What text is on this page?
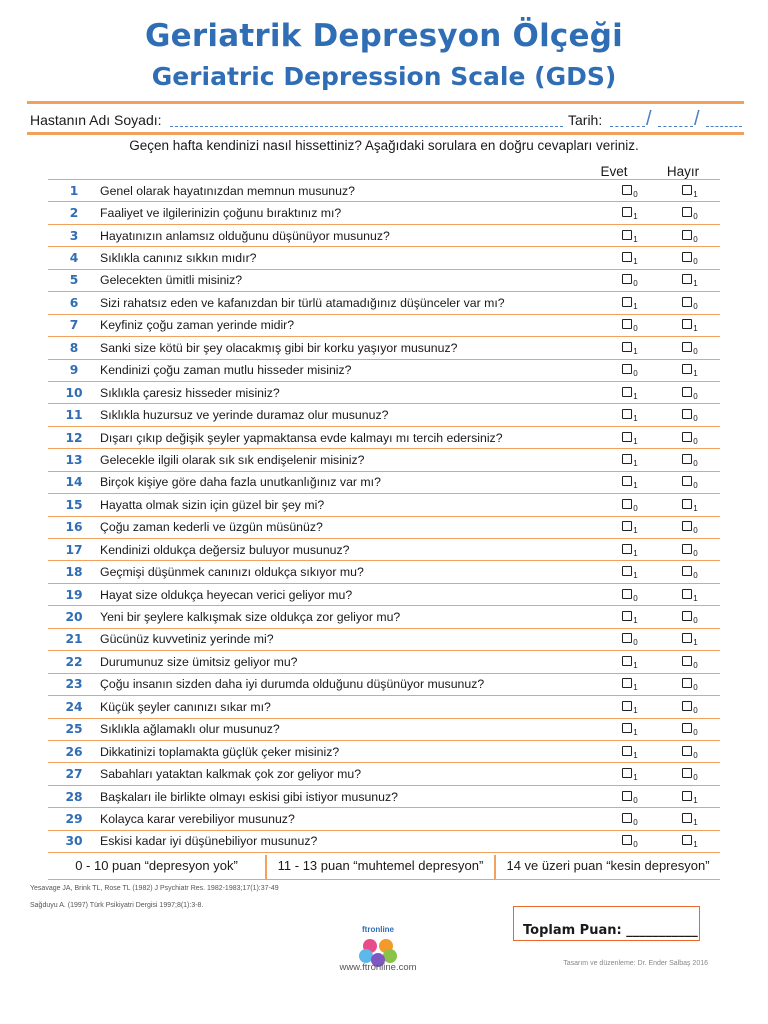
Geriatrik Depresyon Ölçeği
Geriatric Depression Scale (GDS)
Hastanın Adı Soyadı:	Tarih: / /
Geçen hafta kendinizi nasıl hissettiniz? Aşağıdaki sorulara en doğru cevapları veriniz.
Evet	Hayır
1	Genel olarak hayatınızdan memnun musunuz?	$_0$	$_1$
2	Faaliyet ve ilgilerinizin çoğunu bıraktınız mı?	$_1$	$_0$
3	Hayatınızın anlamsız olduğunu düşünüyor musunuz?	$_1$	$_0$
4	Sıklıkla canınız sıkkın mıdır?	$_1$	$_0$
5	Gelecekten ümitli misiniz?	$_0$	$_1$
6	Sizi rahatsız eden ve kafanızdan bir türlü atamadığınız düşünceler var mı?	$_1$	$_0$
7	Keyfiniz çoğu zaman yerinde midir?	$_0$	$_1$
8	Sanki size kötü bir şey olacakmış gibi bir korku yaşıyor musunuz?	$_1$	$_0$
9	Kendinizi çoğu zaman mutlu hisseder misiniz?	$_0$	$_1$
10	Sıklıkla çaresiz hisseder misiniz?	$_1$	$_0$
11	Sıklıkla huzursuz ve yerinde duramaz olur musunuz?	$_1$	$_0$
12	Dışarı çıkıp değişik şeyler yapmaktansa evde kalmayı mı tercih edersiniz?	$_1$	$_0$
13	Gelecekle ilgili olarak sık sık endişelenir misiniz?	$_1$	$_0$
14	Birçok kişiye göre daha fazla unutkanlığınız var mı?	$_1$	$_0$
15	Hayatta olmak sizin için güzel bir şey mi?	$_0$	$_1$
16	Çoğu zaman kederli ve üzgün müsünüz?	$_1$	$_0$
17	Kendinizi oldukça değersiz buluyor musunuz?	$_1$	$_0$
18	Geçmişi düşünmek canınızı oldukça sıkıyor mu?	$_1$	$_0$
19	Hayat size oldukça heyecan verici geliyor mu?	$_0$	$_1$
20	Yeni bir şeylere kalkışmak size oldukça zor geliyor mu?	$_1$	$_0$
21	Gücünüz kuvvetiniz yerinde mi?	$_0$	$_1$
22	Durumunuz size ümitsiz geliyor mu?	$_1$	$_0$
23	Çoğu insanın sizden daha iyi durumda olduğunu düşünüyor musunuz?	$_1$	$_0$
24	Küçük şeyler canınızı sıkar mı?	$_1$	$_0$
25	Sıklıkla ağlamaklı olur musunuz?	$_1$	$_0$
26	Dikkatinizi toplamakta güçlük çeker misiniz?	$_1$	$_0$
27	Sabahları yataktan kalkmak çok zor geliyor mu?	$_1$	$_0$
28	Başkaları ile birlikte olmayı eskisi gibi istiyor musunuz?	$_0$	$_1$
29	Kolayca karar verebiliyor musunuz?	$_0$	$_1$
30	Eskisi kadar iyi düşünebiliyor musunuz?	$_0$	$_1$
0 - 10 puan “depresyon yok”	11 - 13 puan “muhtemel depresyon”	14 ve üzeri puan “kesin depresyon”
Yesavage JA, Brink TL, Rose TL (1982) J Psychiatr Res. 1982-1983;17(1):37-49
Sağduyu A. (1997) Türk Psikiyatri Dergisi 1997;8(1):3-8.
Toplam Puan: ___________
ftronline
www.ftronline.com	Tasarım ve düzenleme: Dr. Ender Salbaş 2016
